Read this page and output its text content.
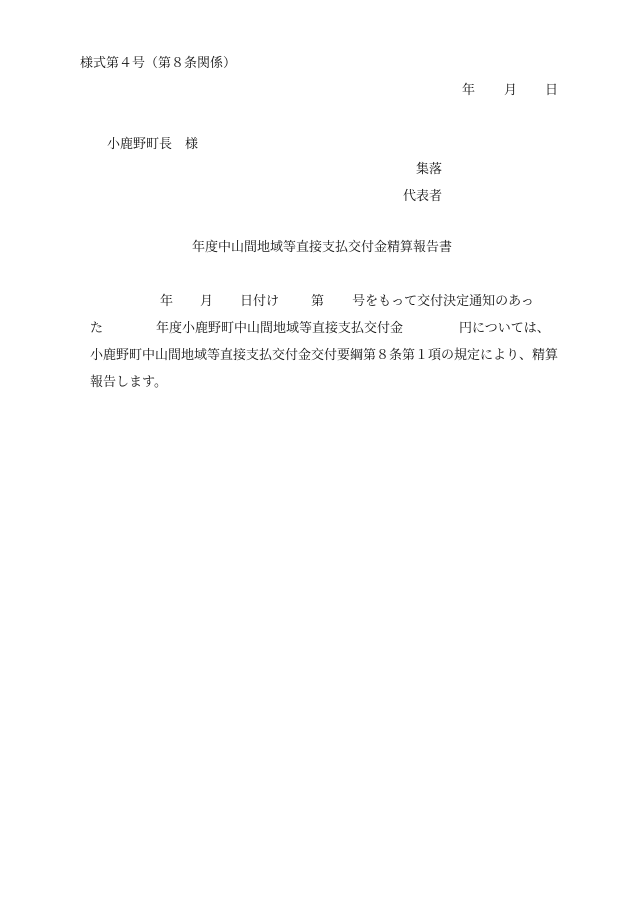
様式第４号（第８条関係）
年 月 日
小鹿野町長　様
集落
代表者
年度中山間地域等直接支払交付金精算報告書
年 月 日付け 第 号をもって交付決定通知のあっ
た	年度小鹿野町中山間地域等直接支払交付金	円については、
小鹿野町中山間地域等直接支払交付金交付要綱第８条第１項の規定により、精算
報告します。
